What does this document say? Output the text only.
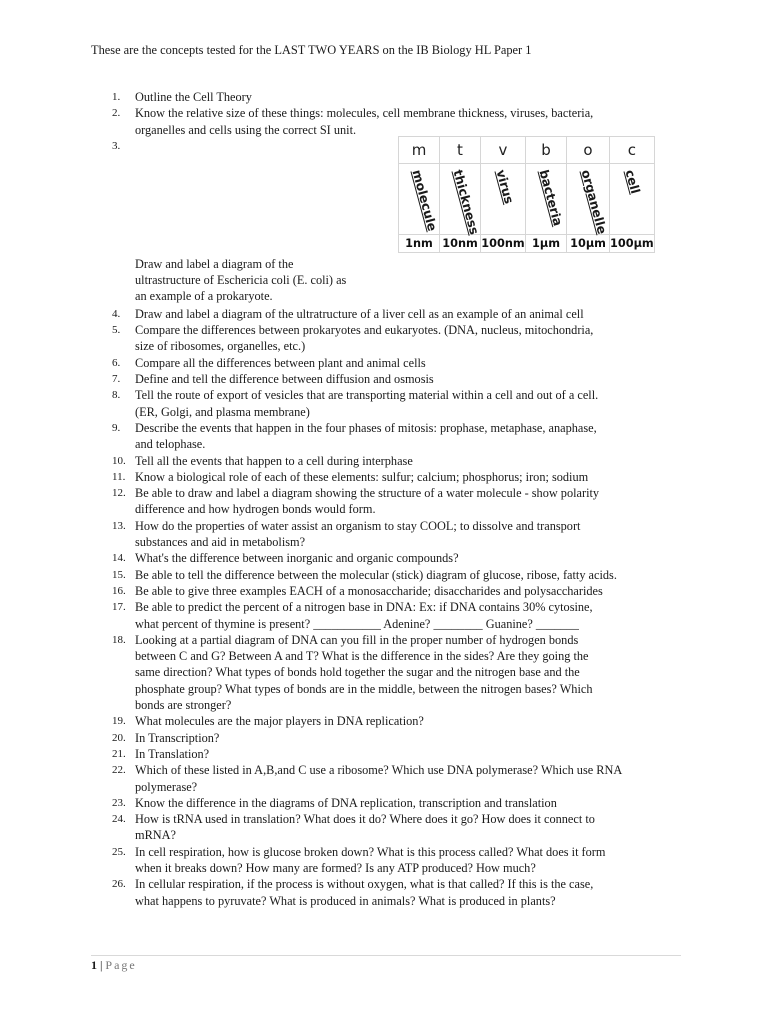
These are the concepts tested for the LAST TWO YEARS on the IB Biology HL Paper 1
1. Outline the Cell Theory
2. Know the relative size of these things: molecules, cell membrane thickness, viruses, bacteria,
organelles and cells using the correct SI unit.
3.
Draw and label a diagram of the
ultrastructure of Eschericia coli (E. coli) as
an example of a prokaryote.
4. Draw and label a diagram of the ultratructure of a liver cell as an example of an animal cell
5. Compare the differences between prokaryotes and eukaryotes. (DNA, nucleus, mitochondria,
size of ribosomes, organelles, etc.)
6. Compare all the differences between plant and animal cells
7. Define and tell the difference between diffusion and osmosis
8. Tell the route of export of vesicles that are transporting material within a cell and out of a cell.
(ER, Golgi, and plasma membrane)
9. Describe the events that happen in the four phases of mitosis: prophase, metaphase, anaphase,
and telophase.
10. Tell all the events that happen to a cell during interphase
11. Know a biological role of each of these elements: sulfur; calcium; phosphorus; iron; sodium
12. Be able to draw and label a diagram showing the structure of a water molecule - show polarity
difference and how hydrogen bonds would form.
13. How do the properties of water assist an organism to stay COOL; to dissolve and transport
substances and aid in metabolism?
14. What's the difference between inorganic and organic compounds?
15. Be able to tell the difference between the molecular (stick) diagram of glucose, ribose, fatty acids.
16. Be able to give three examples EACH of a monosaccharide; disaccharides and polysaccharides
17. Be able to predict the percent of a nitrogen base in DNA: Ex: if DNA contains 30% cytosine,
what percent of thymine is present? ___________ Adenine? ________ Guanine? _______
18. Looking at a partial diagram of DNA can you fill in the proper number of hydrogen bonds
between C and G? Between A and T? What is the difference in the sides? Are they going the
same direction? What types of bonds hold together the sugar and the nitrogen base and the
phosphate group? What types of bonds are in the middle, between the nitrogen bases? Which
bonds are stronger?
19. What molecules are the major players in DNA replication?
20. In Transcription?
21. In Translation?
22. Which of these listed in A,B,and C use a ribosome? Which use DNA polymerase? Which use RNA
polymerase?
23. Know the difference in the diagrams of DNA replication, transcription and translation
24. How is tRNA used in translation? What does it do? Where does it go? How does it connect to
mRNA?
25. In cell respiration, how is glucose broken down? What is this process called? What does it form
when it breaks down? How many are formed? Is any ATP produced? How much?
26. In cellular respiration, if the process is without oxygen, what is that called? If this is the case,
what happens to pyruvate? What is produced in animals? What is produced in plants?
m	t	v	b	o	c

molecule	thickness	virus	bacteria	organelle	cell

1nm	10nm	100nm	1µm	10µm	100µm
1 | Page
